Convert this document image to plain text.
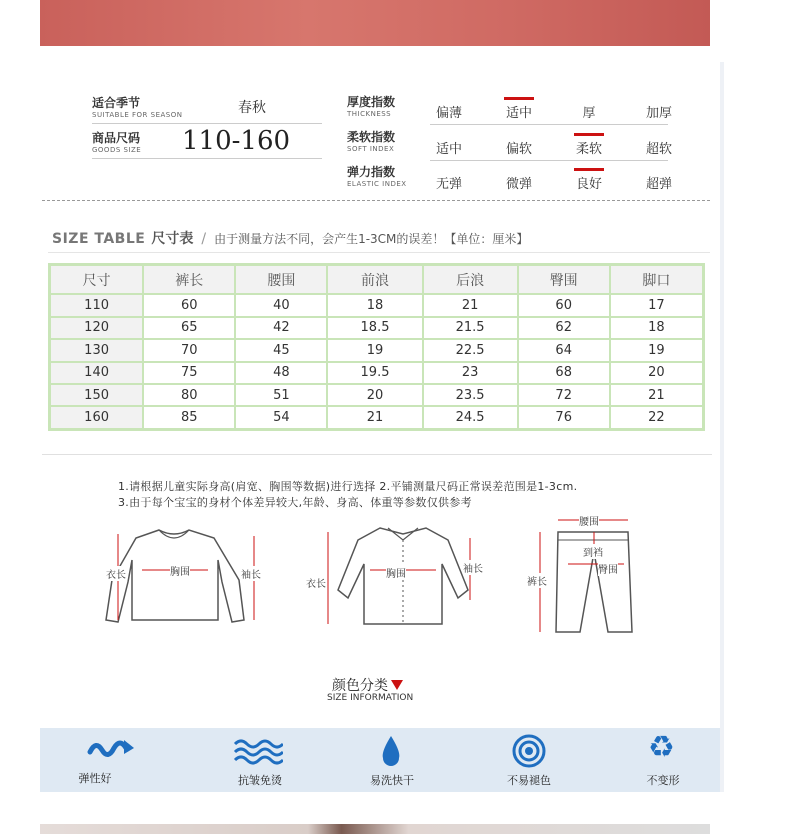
适合季节
SUITABLE FOR SEASON	春秋
商品尺码
GOODS SIZE 110-160
厚度指数
THICKNESS	偏薄	适中	厚	加厚
柔软指数
SOFT INDEX	适中	偏软	柔软	超软
弹力指数
ELASTIC INDEX	无弹	微弹	良好	超弹
SIZE TABLE 尺寸表 / 由于测量方法不同，会产生1-3CM的误差！【单位：厘米】
尺寸	裤长	腰围	前浪	后浪	臀围	脚口
110	60	40	18	21	60	17
120	65	42	18.5	21.5	62	18
130	70	45	19	22.5	64	19
140	75	48	19.5	23	68	20
150	80	51	20	23.5	72	21
160	85	54	21	24.5	76	22
1.请根据儿童实际身高(肩宽、胸围等数据)进行选择 2.平铺测量尺码正常误差范围是1-3cm.
3.由于每个宝宝的身材个体差异较大,年龄、身高、体重等参数仅供参考
衣长	胸围	袖长
衣长
胸围	袖长
腰围
到裆
臀围
裤长
颜色分类
SIZE INFORMATION
弹性好	抗皱免烫	易洗快干	不易褪色
♻
不变形
